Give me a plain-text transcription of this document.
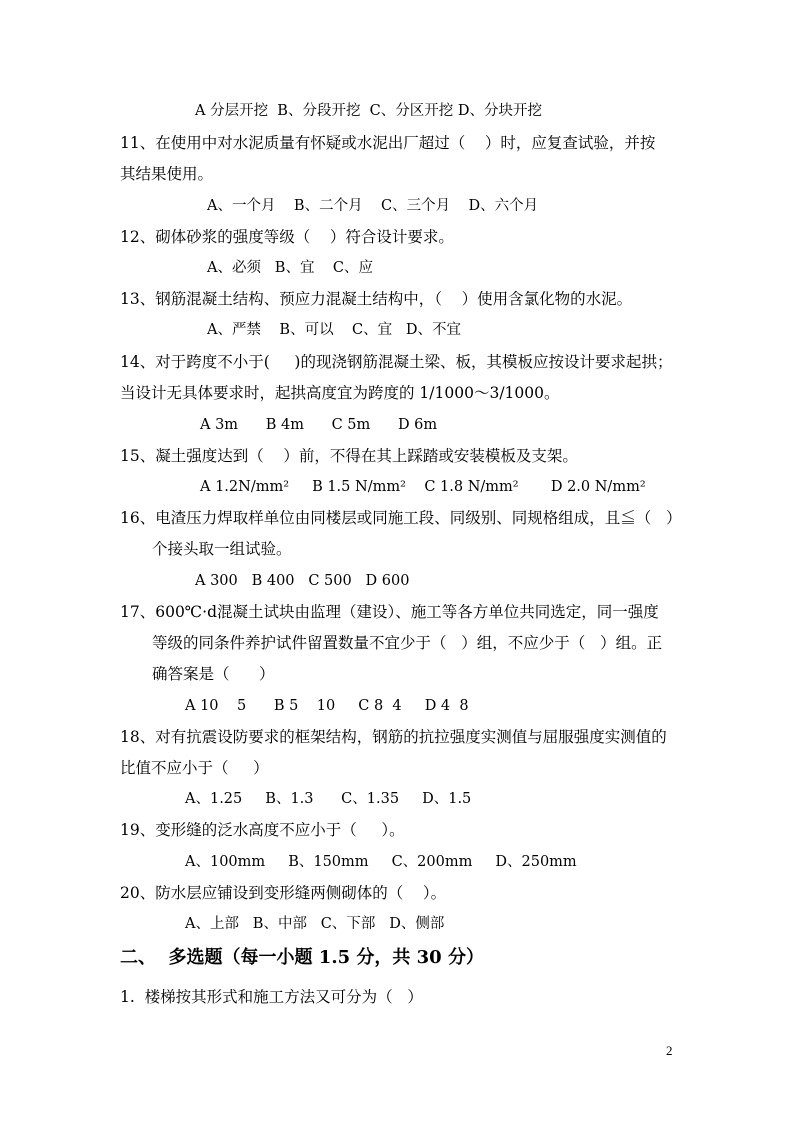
A 分层开挖  B、分段开挖  C、分区开挖 D、分块开挖
11、在使用中对水泥质量有怀疑或水泥出厂超过（    ）时，应复查试验，并按
其结果使用。
A、一个月    B、二个月    C、三个月    D、六个月
12、砌体砂浆的强度等级（    ）符合设计要求。
A、必须   B、宜    C、应
13、钢筋混凝土结构、预应力混凝土结构中，（    ）使用含氯化物的水泥。
A、严禁    B、可以    C、宜   D、不宜
14、对于跨度不小于(     )的现浇钢筋混凝土梁、板，其模板应按设计要求起拱；
当设计无具体要求时，起拱高度宜为跨度的 1/1000～3/1000。
A 3m      B 4m      C 5m      D 6m
15、凝土强度达到（    ）前，不得在其上踩踏或安装模板及支架。
A 1.2N/mm²     B 1.5 N/mm²    C 1.8 N/mm²       D 2.0 N/mm²
16、电渣压力焊取样单位由同楼层或同施工段、同级别、同规格组成，且≦（   ）
个接头取一组试验。
A 300   B 400   C 500   D 600
17、600℃·d混凝土试块由监理（建设）、施工等各方单位共同选定，同一强度
等级的同条件养护试件留置数量不宜少于（   ）组，不应少于（   ）组。正
确答案是（      ）
A 10    5      B 5    10     C 8  4     D 4  8
18、对有抗震设防要求的框架结构，钢筋的抗拉强度实测值与屈服强度实测值的
比值不应小于（     ）
A、1.25     B、1.3      C、1.35     D、1.5
19、变形缝的泛水高度不应小于（     ）。
A、100mm     B、150mm     C、200mm     D、250mm
20、防水层应铺设到变形缝两侧砌体的（    ）。
A、上部   B、中部   C、下部   D、侧部
二、  多选题（每一小题 1.5 分，共 30 分）
1.  楼梯按其形式和施工方法又可分为（   ）
2
